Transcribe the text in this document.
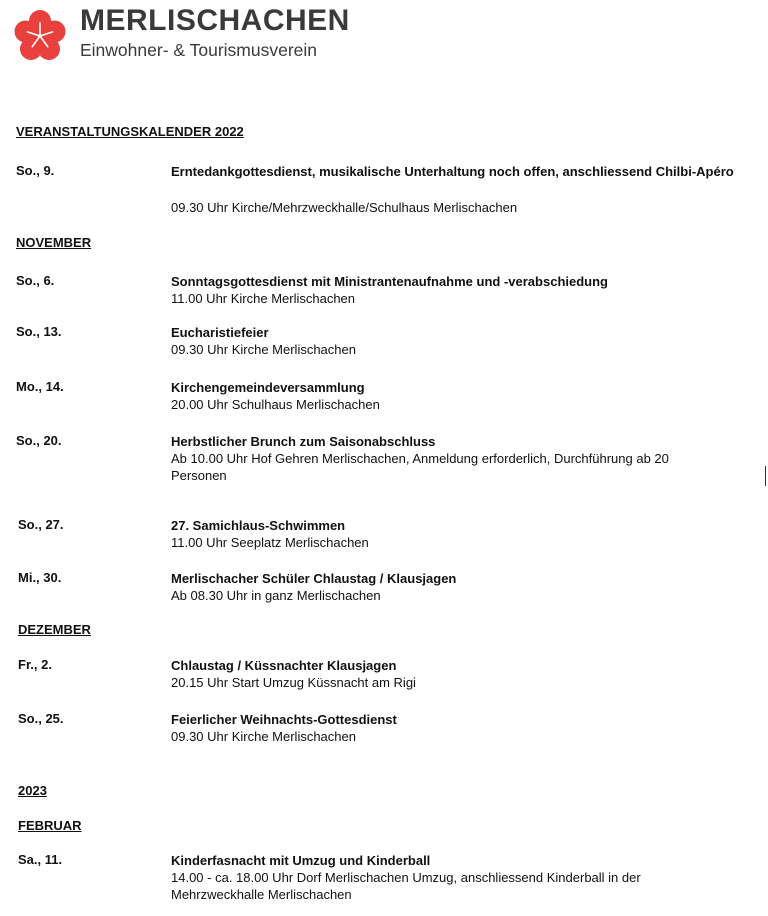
MERLISCHACHEN
Einwohner- & Tourismusverein
VERANSTALTUNGSKALENDER 2022
So., 9.	Erntedankgottesdienst, musikalische Unterhaltung noch offen, anschliessend Chilbi-Apéro
09.30 Uhr Kirche/Mehrzweckhalle/Schulhaus Merlischachen
NOVEMBER
So., 6.	Sonntagsgottesdienst mit Ministrantenaufnahme und -verabschiedung
11.00 Uhr Kirche Merlischachen
So., 13.	Eucharistiefeier
09.30 Uhr Kirche Merlischachen
Mo., 14.	Kirchengemeindeversammlung
20.00 Uhr Schulhaus Merlischachen
So., 20.	Herbstlicher Brunch zum Saisonabschluss
Ab 10.00 Uhr Hof Gehren Merlischachen, Anmeldung erforderlich, Durchführung ab 20 Personen
So., 27.	27. Samichlaus-Schwimmen
11.00 Uhr Seeplatz Merlischachen
Mi., 30.	Merlischacher Schüler Chlaustag / Klausjagen
Ab 08.30 Uhr in ganz Merlischachen
DEZEMBER
Fr., 2.	Chlaustag / Küssnachter Klausjagen
20.15 Uhr Start Umzug Küssnacht am Rigi
So., 25.	Feierlicher Weihnachts-Gottesdienst
09.30 Uhr Kirche Merlischachen
2023
FEBRUAR
Sa., 11.	Kinderfasnacht mit Umzug und Kinderball
14.00 - ca. 18.00 Uhr Dorf Merlischachen Umzug, anschliessend Kinderball in der Mehrzweckhalle Merlischachen
